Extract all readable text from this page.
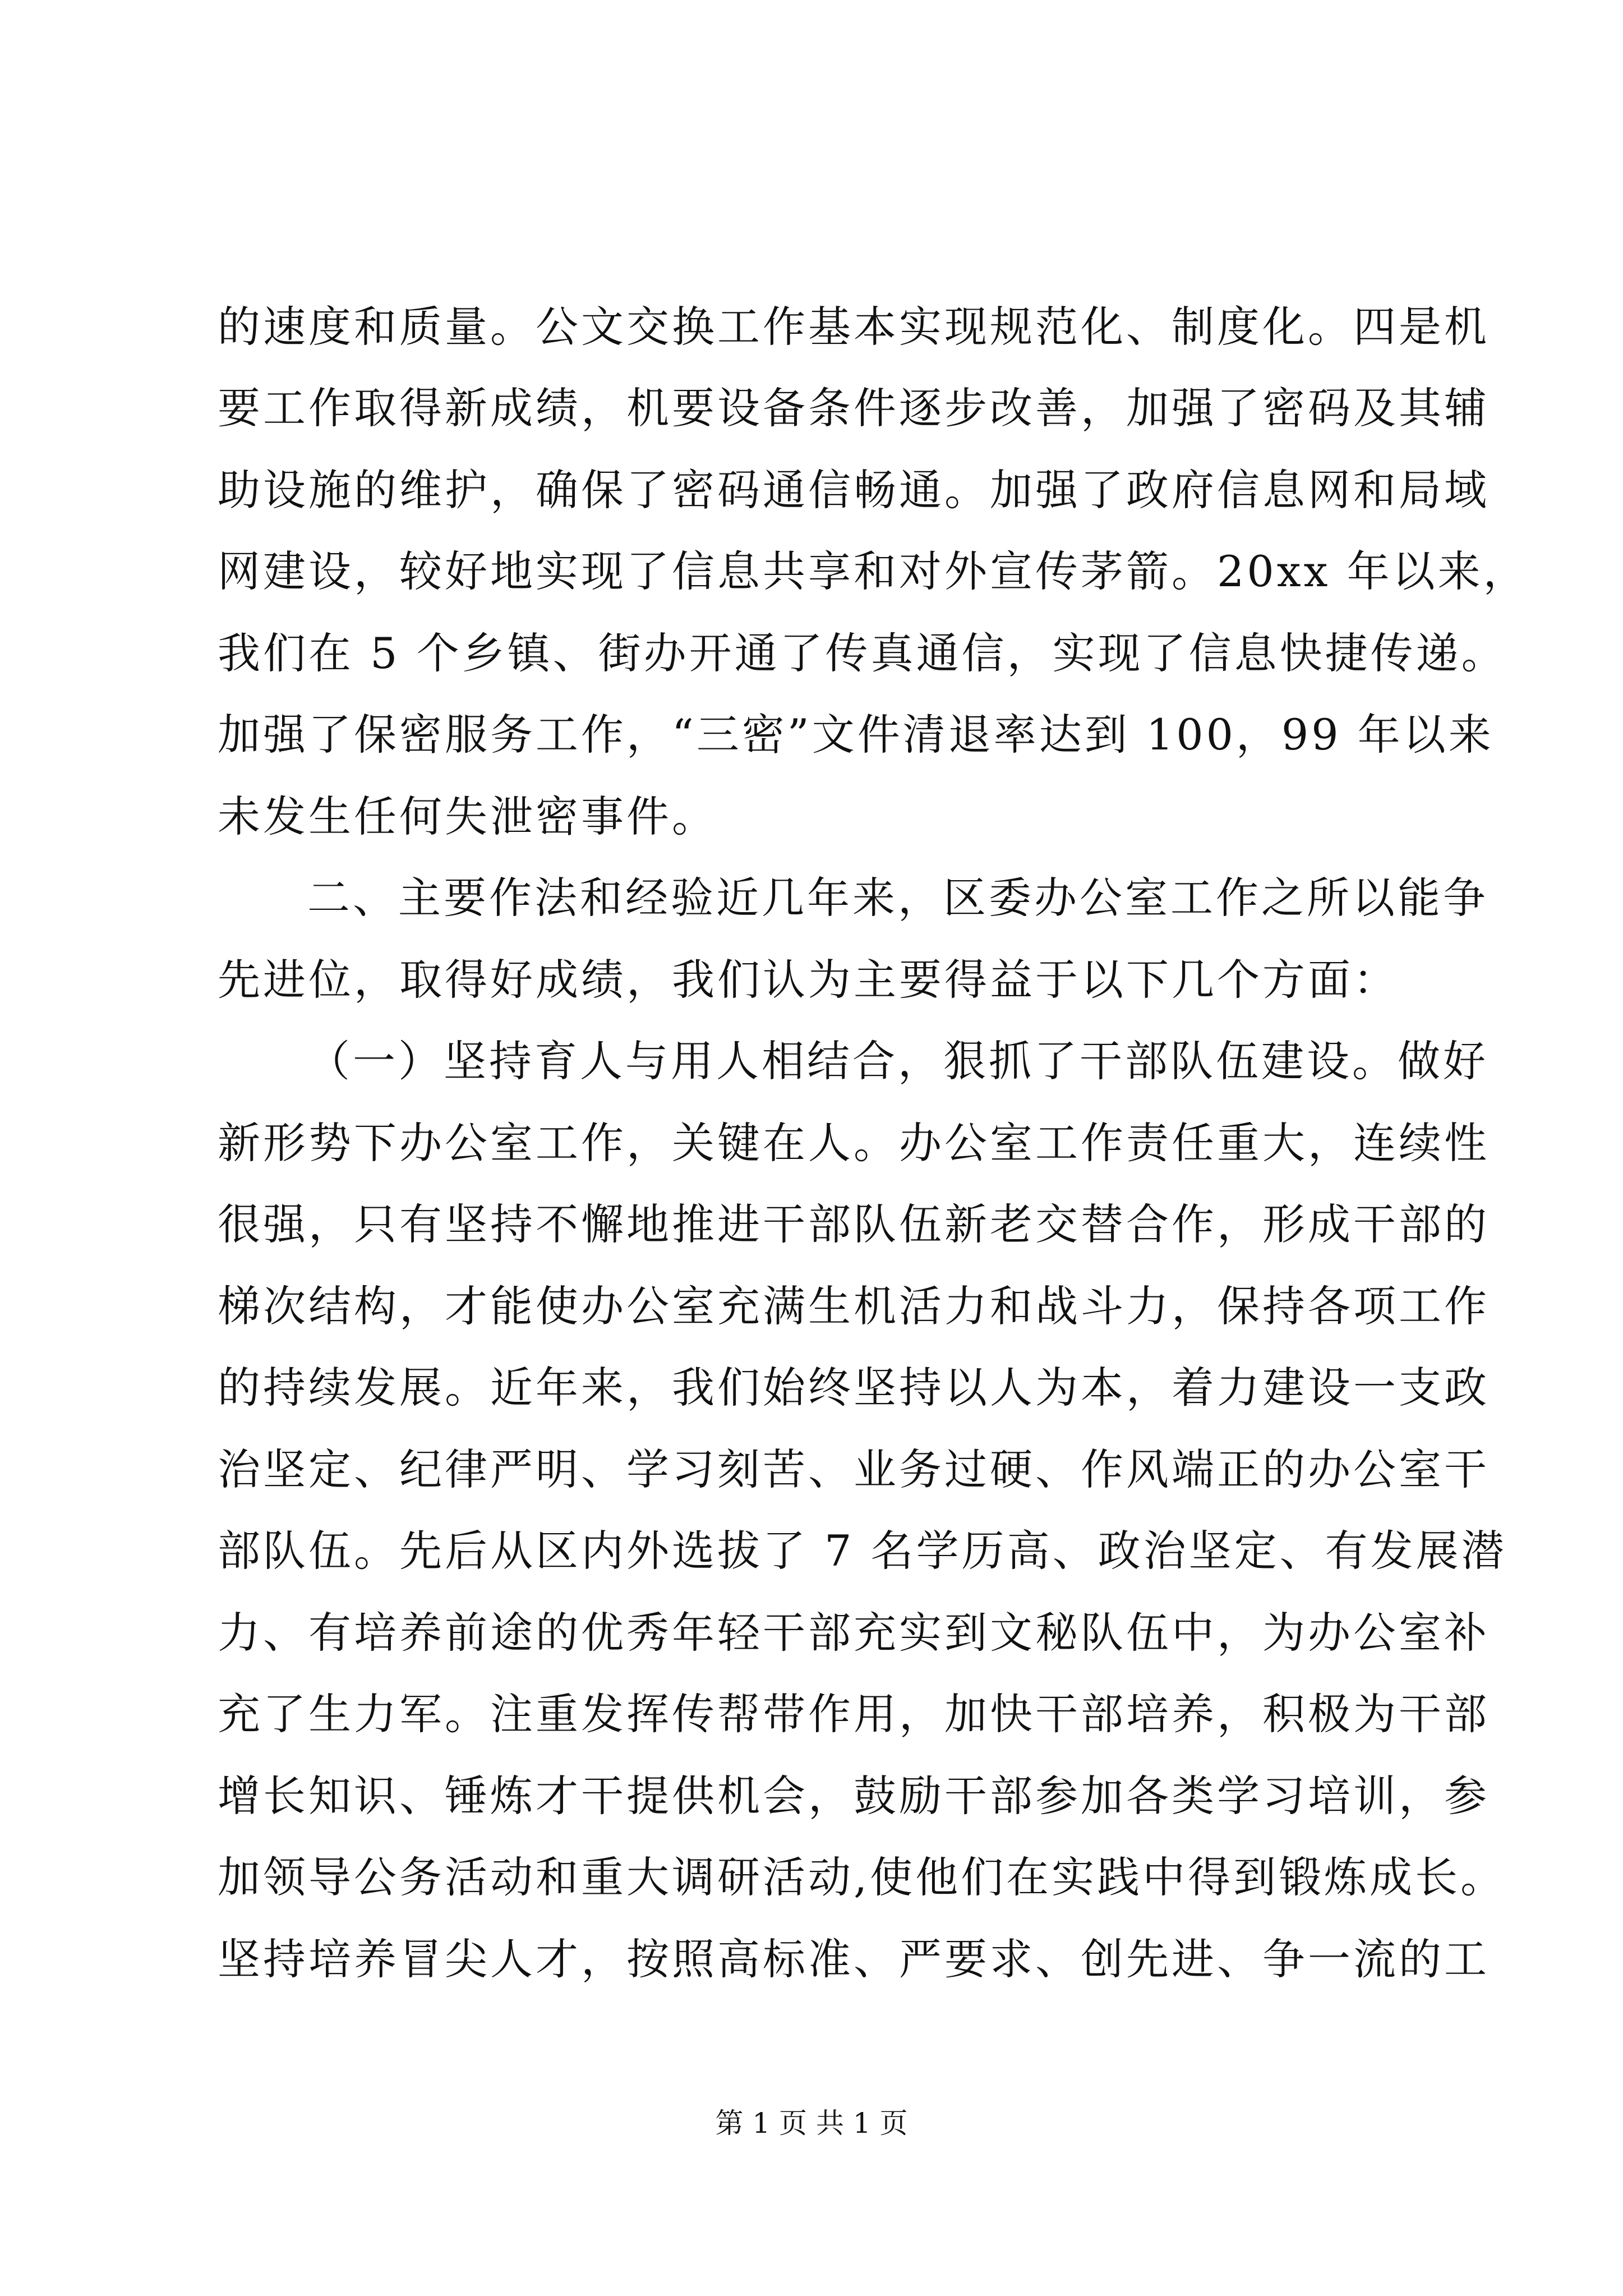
的速度和质量。公文交换工作基本实现规范化、制度化。四是机
要工作取得新成绩，机要设备条件逐步改善，加强了密码及其辅
助设施的维护，确保了密码通信畅通。加强了政府信息网和局域
网建设，较好地实现了信息共享和对外宣传茅箭。20xx 年以来，
我们在 5 个乡镇、街办开通了传真通信，实现了信息快捷传递。
加强了保密服务工作，“三密”文件清退率达到 100，99 年以来
未发生任何失泄密事件。
二、主要作法和经验近几年来，区委办公室工作之所以能争
先进位，取得好成绩，我们认为主要得益于以下几个方面：
（一）坚持育人与用人相结合，狠抓了干部队伍建设。做好
新形势下办公室工作，关键在人。办公室工作责任重大，连续性
很强，只有坚持不懈地推进干部队伍新老交替合作，形成干部的
梯次结构，才能使办公室充满生机活力和战斗力，保持各项工作
的持续发展。近年来，我们始终坚持以人为本，着力建设一支政
治坚定、纪律严明、学习刻苦、业务过硬、作风端正的办公室干
部队伍。先后从区内外选拔了 7 名学历高、政治坚定、有发展潜
力、有培养前途的优秀年轻干部充实到文秘队伍中，为办公室补
充了生力军。注重发挥传帮带作用，加快干部培养，积极为干部
增长知识、锤炼才干提供机会，鼓励干部参加各类学习培训，参
加领导公务活动和重大调研活动,使他们在实践中得到锻炼成长。
坚持培养冒尖人才，按照高标准、严要求、创先进、争一流的工
第 1 页 共 1 页
